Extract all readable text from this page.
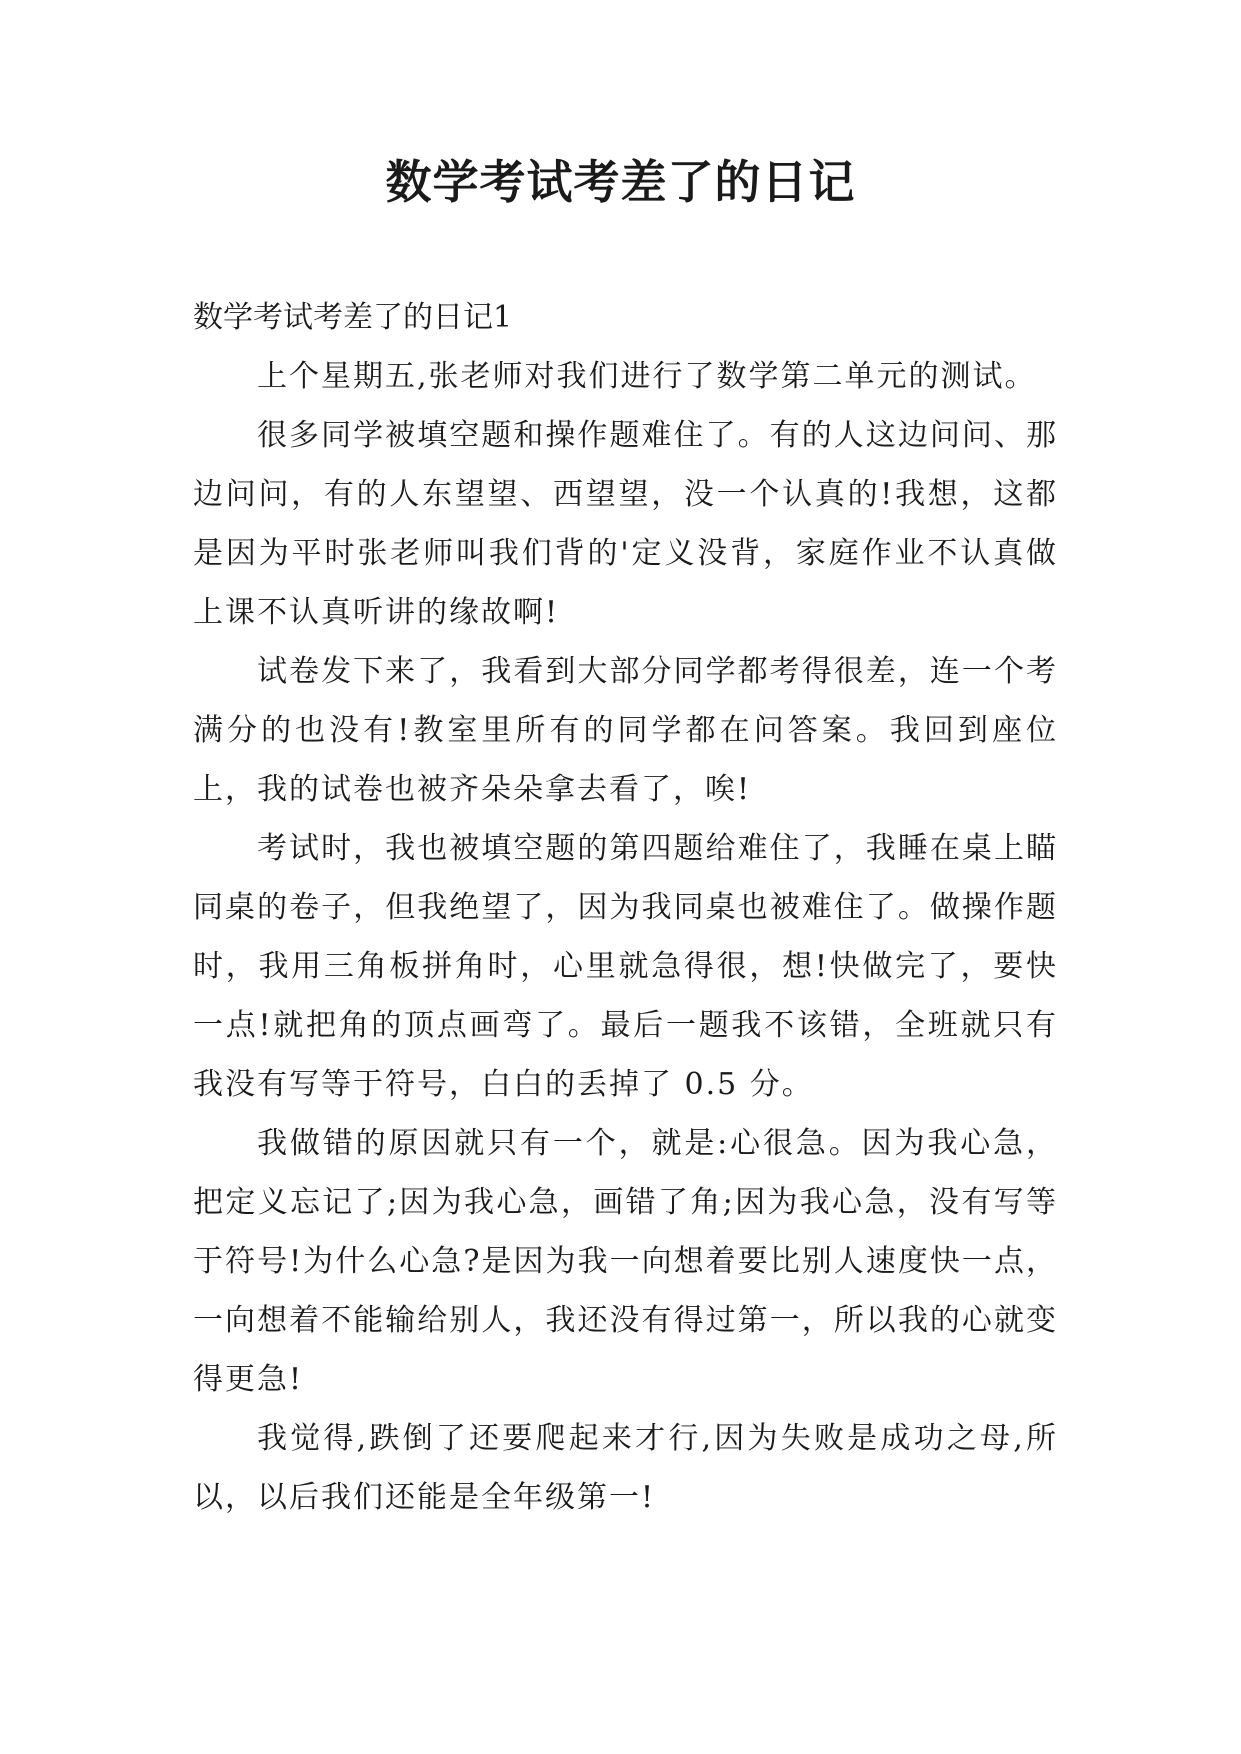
数学考试考差了的日记
数学考试考差了的日记1

上个星期五,张老师对我们进行了数学第二单元的测试。

很多同学被填空题和操作题难住了。有的人这边问问、那边问问，有的人东望望、西望望，没一个认真的!我想，这都是因为平时张老师叫我们背的'定义没背，家庭作业不认真做上课不认真听讲的缘故啊!

试卷发下来了，我看到大部分同学都考得很差，连一个考满分的也没有!教室里所有的同学都在问答案。我回到座位上，我的试卷也被齐朵朵拿去看了，唉!

考试时，我也被填空题的第四题给难住了，我睡在桌上瞄同桌的卷子，但我绝望了，因为我同桌也被难住了。做操作题时，我用三角板拼角时，心里就急得很，想!快做完了，要快一点!就把角的顶点画弯了。最后一题我不该错，全班就只有我没有写等于符号，白白的丢掉了 0.5 分。

我做错的原因就只有一个，就是:心很急。因为我心急，把定义忘记了;因为我心急，画错了角;因为我心急，没有写等于符号!为什么心急?是因为我一向想着要比别人速度快一点，一向想着不能输给别人，我还没有得过第一，所以我的心就变得更急!

我觉得,跌倒了还要爬起来才行,因为失败是成功之母,所以，以后我们还能是全年级第一!
